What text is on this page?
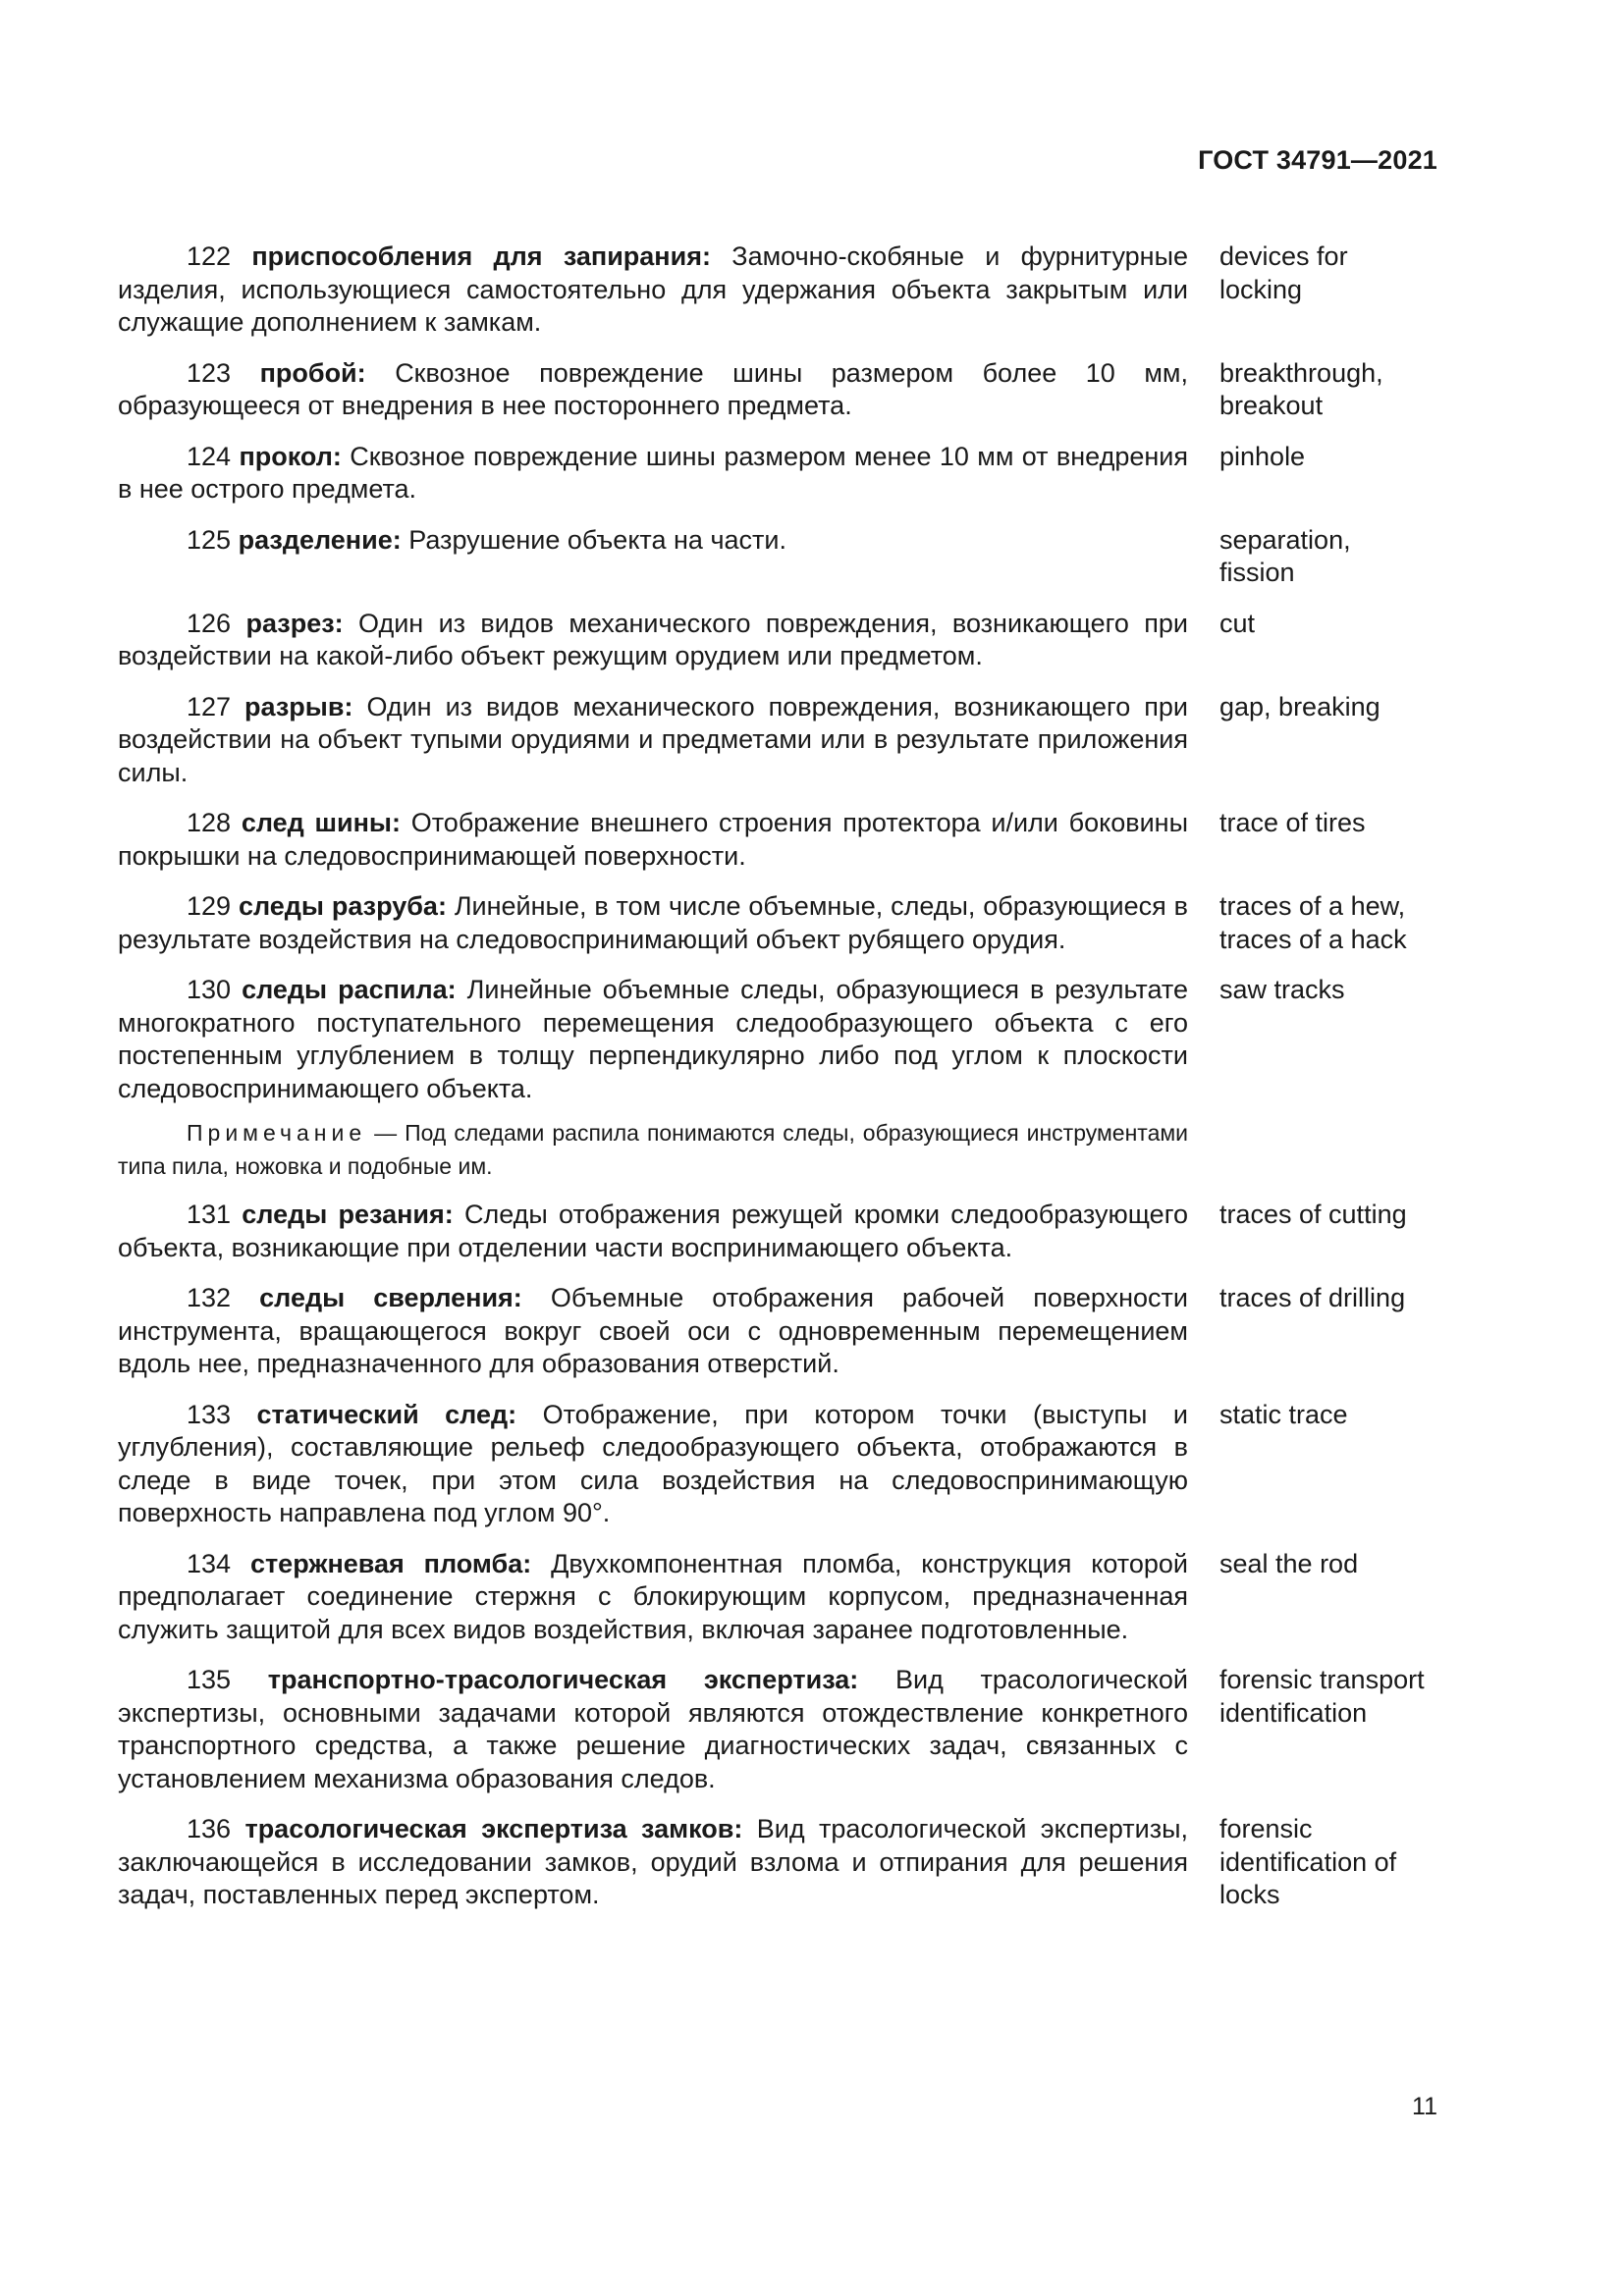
ГОСТ 34791—2021
122 приспособления для запирания: Замочно-скобяные и фурнитурные изделия, использующиеся самостоятельно для удержания объекта закрытым или служащие дополнением к замкам.
devices for
locking
123 пробой: Сквозное повреждение шины размером более 10 мм, образующееся от внедрения в нее постороннего предмета.
breakthrough,
breakout
124 прокол: Сквозное повреждение шины размером менее 10 мм от внедрения в нее острого предмета.
pinhole
125 разделение: Разрушение объекта на части.	separation,
fission
126 разрез: Один из видов механического повреждения, возникающего при воздействии на какой-либо объект режущим орудием или предметом.
cut
127 разрыв: Один из видов механического повреждения, возникающего при воздействии на объект тупыми орудиями и предметами или в результате приложения силы.
gap, breaking
128 след шины: Отображение внешнего строения протектора и/или боковины покрышки на следовоспринимающей поверхности.
trace of tires
129 следы разруба: Линейные, в том числе объемные, следы, образующиеся в результате воздействия на следовоспринимающий объект рубящего орудия.
traces of a hew,
traces of a hack
130 следы распила: Линейные объемные следы, образующиеся в результате многократного поступательного перемещения следообразующего объекта с его постепенным углублением в толщу перпендикулярно либо под углом к плоскости следовоспринимающего объекта.
saw tracks
Примечание — Под следами распила понимаются следы, образующиеся инструментами типа пила, ножовка и подобные им.
131 следы резания: Следы отображения режущей кромки следообразующего объекта, возникающие при отделении части воспринимающего объекта.
traces of cutting
132 следы сверления: Объемные отображения рабочей поверхности инструмента, вращающегося вокруг своей оси с одновременным перемещением вдоль нее, предназначенного для образования отверстий.
traces of drilling
133 статический след: Отображение, при котором точки (выступы и углубления), составляющие рельеф следообразующего объекта, отображаются в следе в виде точек, при этом сила воздействия на следовоспринимающую поверхность направлена под углом 90°.
static trace
134 стержневая пломба: Двухкомпонентная пломба, конструкция которой предполагает соединение стержня с блокирующим корпусом, предназначенная служить защитой для всех видов воздействия, включая заранее подготовленные.
seal the rod
135 транспортно-трасологическая экспертиза: Вид трасологической экспертизы, основными задачами которой являются отождествление конкретного транспортного средства, а также решение диагностических задач, связанных с установлением механизма образования следов.
forensic transport
identification
136 трасологическая экспертиза замков: Вид трасологической экспертизы, заключающейся в исследовании замков, орудий взлома и отпирания для решения задач, поставленных перед экспертом.
forensic
identification of
locks
11
